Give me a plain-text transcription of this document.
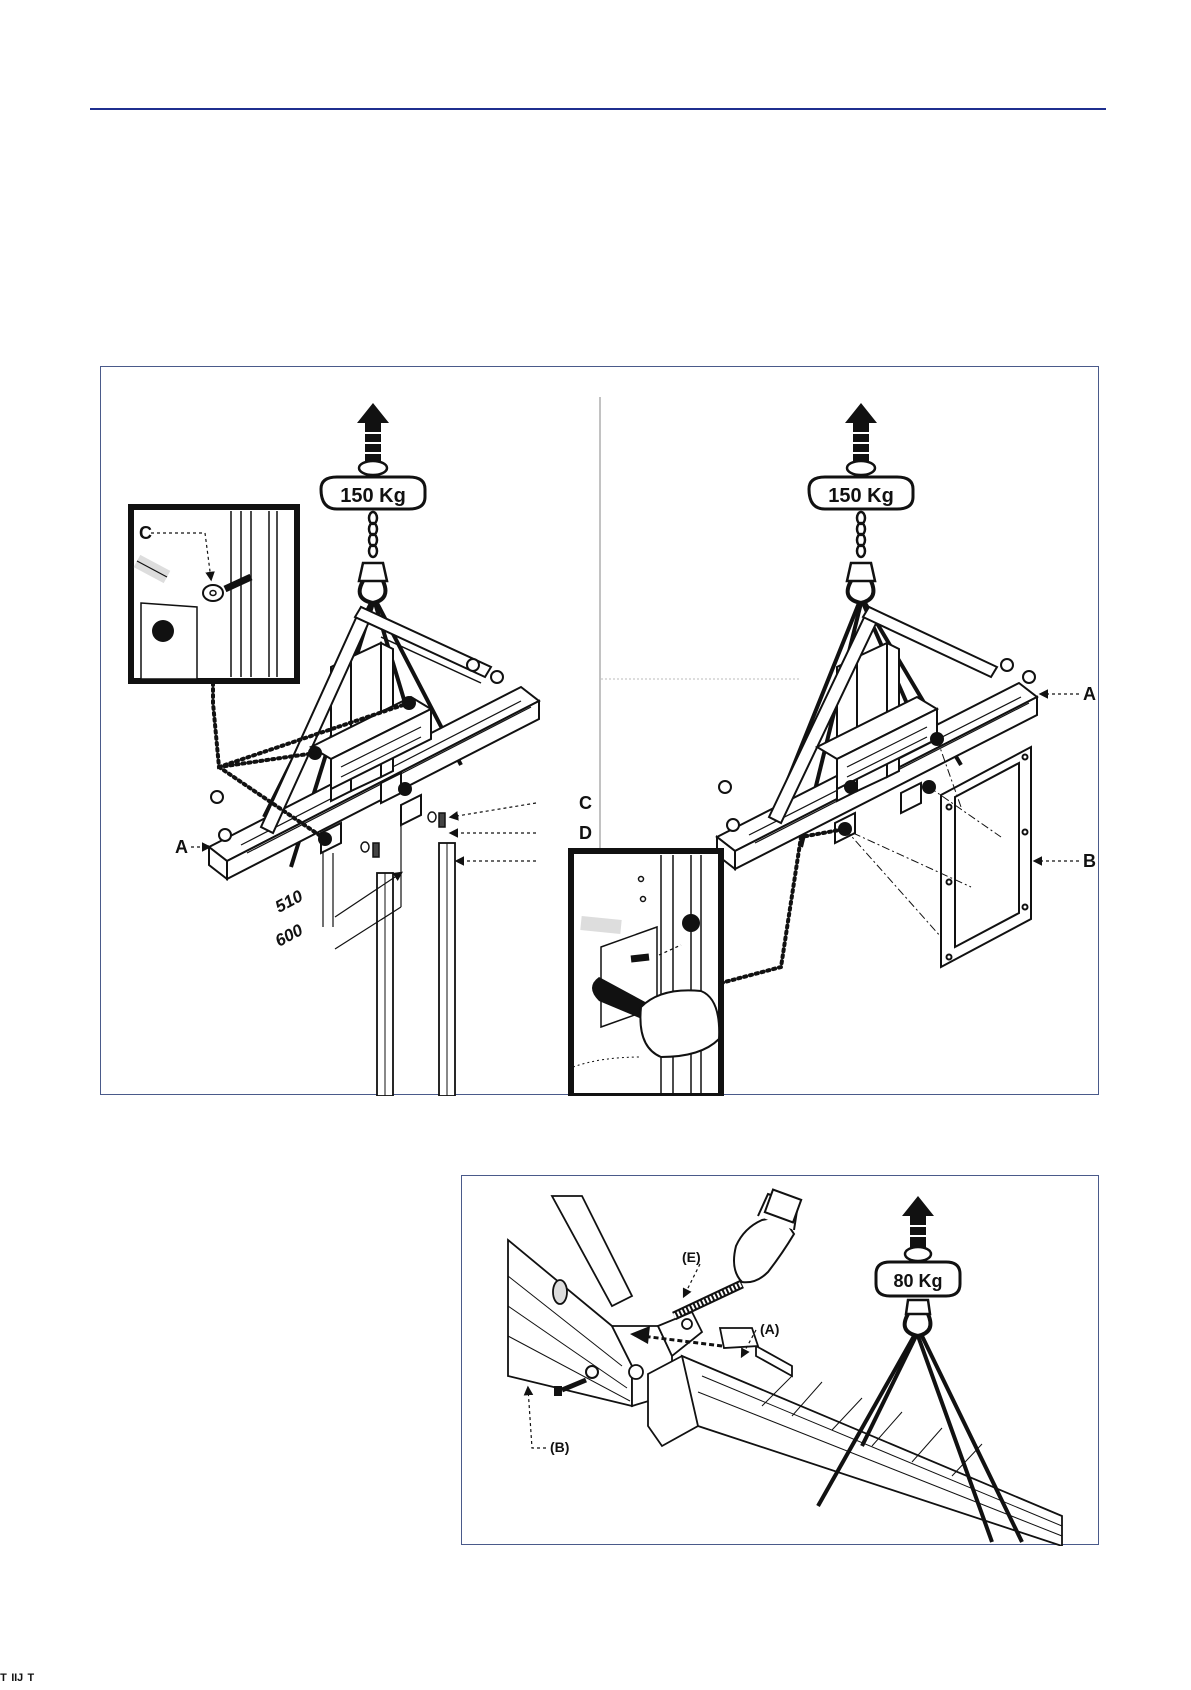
150 Kg
510
600
C
C
D
A
150 Kg
A
B
80 Kg
(E)
(A)
(B)
ᵀ ᴵᴵᴶ ᵀ
